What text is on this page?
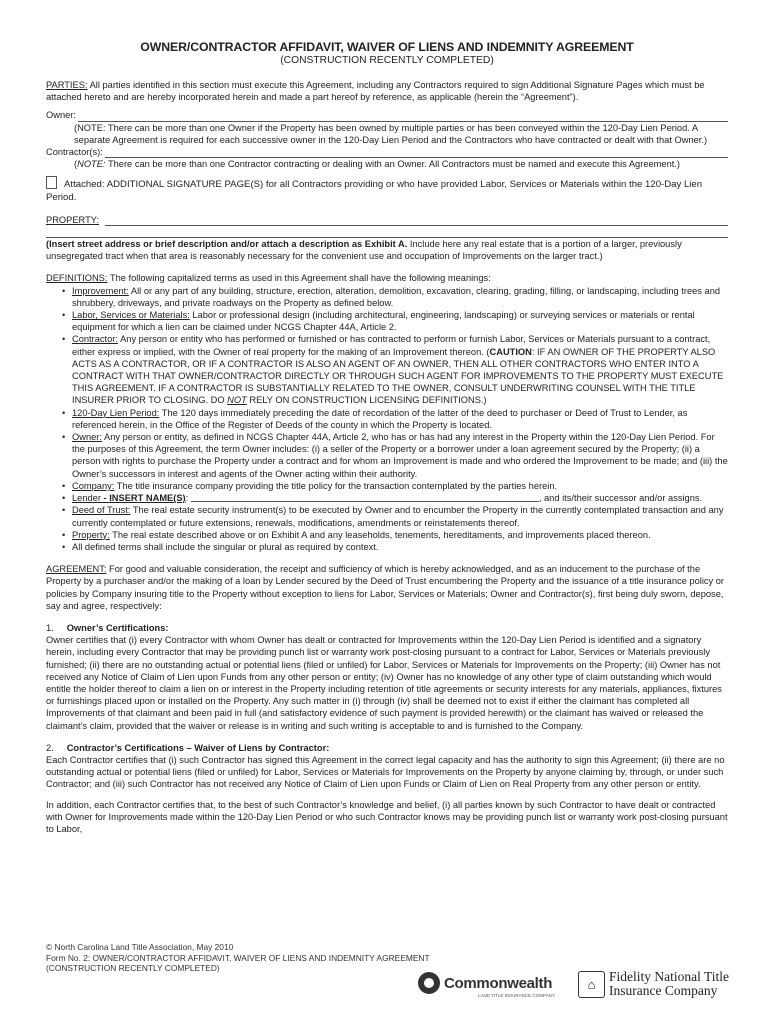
OWNER/CONTRACTOR AFFIDAVIT, WAIVER OF LIENS AND INDEMNITY AGREEMENT

(CONSTRUCTION RECENTLY COMPLETED)

PARTIES: All parties identified in this section must execute this Agreement, including any Contractors required to sign Additional Signature Pages which must be attached hereto and are hereby incorporated herein and made a part hereof by reference, as applicable (herein the “Agreement”).

Owner:

(NOTE: There can be more than one Owner if the Property has been owned by multiple parties or has been conveyed within the 120-Day Lien Period. A separate Agreement is required for each successive owner in the 120-Day Lien Period and the Contractors who have contracted or dealt with that Owner.)

Contractor(s):

(NOTE: There can be more than one Contractor contracting or dealing with an Owner. All Contractors must be named and execute this Agreement.)

Attached: ADDITIONAL SIGNATURE PAGE(S) for all Contractors providing or who have provided Labor, Services or Materials within the 120-Day Lien Period.

PROPERTY:

(Insert street address or brief description and/or attach a description as Exhibit A. Include here any real estate that is a portion of a larger, previously unsegregated tract when that area is reasonably necessary for the convenient use and occupation of Improvements on the larger tract.)

DEFINITIONS: The following capitalized terms as used in this Agreement shall have the following meanings:

• Improvement: All or any part of any building, structure, erection, alteration, demolition, excavation, clearing, grading, filling, or landscaping, including trees and shrubbery, driveways, and private roadways on the Property as defined below.
• Labor, Services or Materials: Labor or professional design (including architectural, engineering, landscaping) or surveying services or materials or rental equipment for which a lien can be claimed under NCGS Chapter 44A, Article 2.
• Contractor: Any person or entity who has performed or furnished or has contracted to perform or furnish Labor, Services or Materials pursuant to a contract, either express or implied, with the Owner of real property for the making of an Improvement thereon. (CAUTION: IF AN OWNER OF THE PROPERTY ALSO ACTS AS A CONTRACTOR, OR IF A CONTRACTOR IS ALSO AN AGENT OF AN OWNER, THEN ALL OTHER CONTRACTORS WHO ENTER INTO A CONTRACT WITH THAT OWNER/CONTRACTOR DIRECTLY OR THROUGH SUCH AGENT FOR IMPROVEMENTS TO THE PROPERTY MUST EXECUTE THIS AGREEMENT. IF A CONTRACTOR IS SUBSTANTIALLY RELATED TO THE OWNER, CONSULT UNDERWRITING COUNSEL WITH THE TITLE INSURER PRIOR TO CLOSING. DO NOT RELY ON CONSTRUCTION LICENSING DEFINITIONS.)
• 120-Day Lien Period: The 120 days immediately preceding the date of recordation of the latter of the deed to purchaser or Deed of Trust to Lender, as referenced herein, in the Office of the Register of Deeds of the county in which the Property is located.
• Owner: Any person or entity, as defined in NCGS Chapter 44A, Article 2, who has or has had any interest in the Property within the 120-Day Lien Period. For the purposes of this Agreement, the term Owner includes: (i) a seller of the Property or a borrower under a loan agreement secured by the Property; (ii) a person with rights to purchase the Property under a contract and for whom an Improvement is made and who ordered the Improvement to be made; and (iii) the Owner’s successors in interest and agents of the Owner acting within their authority.
• Company: The title insurance company providing the title policy for the transaction contemplated by the parties herein.
• Lender - INSERT NAME(S):	, and its/their successor and/or assigns.
• Deed of Trust: The real estate security instrument(s) to be executed by Owner and to encumber the Property in the currently contemplated transaction and any currently contemplated or future extensions, renewals, modifications, amendments or reinstatements thereof.
• Property: The real estate described above or on Exhibit A and any leaseholds, tenements, hereditaments, and improvements placed thereon.
• All defined terms shall include the singular or plural as required by context.

AGREEMENT: For good and valuable consideration, the receipt and sufficiency of which is hereby acknowledged, and as an inducement to the purchase of the Property by a purchaser and/or the making of a loan by Lender secured by the Deed of Trust encumbering the Property and the issuance of a title insurance policy or policies by Company insuring title to the Property without exception to liens for Labor, Services or Materials; Owner and Contractor(s), first being duly sworn, depose, say and agree, respectively:

1. Owner’s Certifications:

Owner certifies that (i) every Contractor with whom Owner has dealt or contracted for Improvements within the 120-Day Lien Period is identified and a signatory herein, including every Contractor that may be providing punch list or warranty work post-closing pursuant to a contract for Labor, Services or Materials previously furnished; (ii) there are no outstanding actual or potential liens (filed or unfiled) for Labor, Services or Materials for Improvements on the Property; (iii) Owner has not received any Notice of Claim of Lien upon Funds from any other person or entity; (iv) Owner has no knowledge of any other type of claim outstanding which would entitle the holder thereof to claim a lien on or interest in the Property including retention of title agreements or security interests for any materials, appliances, fixtures or furnishings placed upon or installed on the Property. Any such matter in (i) through (iv) shall be deemed not to exist if either the claimant has completed all Improvements of that claimant and been paid in full (and satisfactory evidence of such payment is provided herewith) or the claimant has waived or released the claimant’s claim, provided that the waiver or release is in writing and such writing is acceptable to and is furnished to the Company.

2. Contractor’s Certifications – Waiver of Liens by Contractor:

Each Contractor certifies that (i) such Contractor has signed this Agreement in the correct legal capacity and has the authority to sign this Agreement; (ii) there are no outstanding actual or potential liens (filed or unfiled) for Labor, Services or Materials for Improvements on the Property by anyone claiming by, through, or under such Contractor; and (iii) such Contractor has not received any Notice of Claim of Lien upon Funds or Claim of Lien on Real Property from any other person or entity.

In addition, each Contractor certifies that, to the best of such Contractor’s knowledge and belief, (i) all parties known by such Contractor to have dealt or contracted with Owner for Improvements made within the 120-Day Lien Period or who such Contractor knows may be providing punch list or warranty work post-closing pursuant to Labor,

© North Carolina Land Title Association, May 2010
Form No. 2: OWNER/CONTRACTOR AFFIDAVIT, WAIVER OF LIENS AND INDEMNITY AGREEMENT
(CONSTRUCTION RECENTLY COMPLETED)
Commonwealth
LAND TITLE INSURANCE COMPANY
⌂	Fidelity National Title
Insurance Company
